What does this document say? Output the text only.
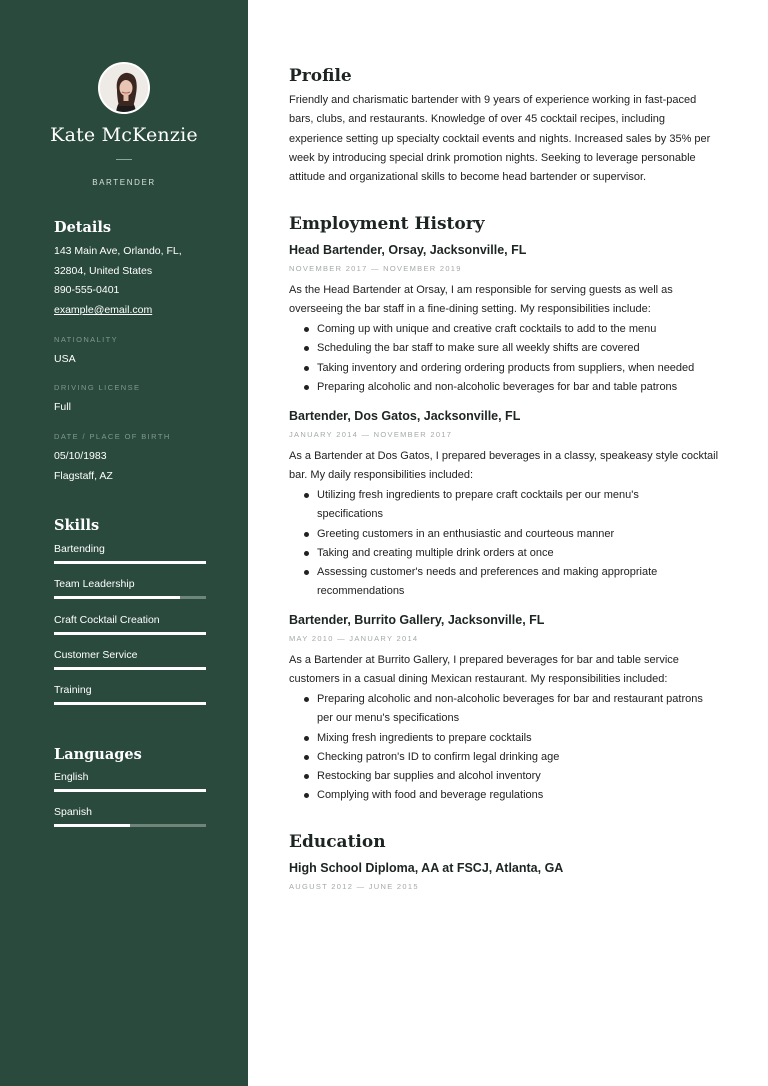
Kate McKenzie
BARTENDER
Details
143 Main Ave, Orlando, FL,
32804, United States
890-555-0401
example@email.com
NATIONALITY
USA
DRIVING LICENSE
Full
DATE / PLACE OF BIRTH
05/10/1983
Flagstaff, AZ
Skills
Bartending
Team Leadership
Craft Cocktail Creation
Customer Service
Training
Languages
English
Spanish
Profile
Friendly and charismatic bartender with 9 years of experience working in fast-paced
bars, clubs, and restaurants. Knowledge of over 45 cocktail recipes, including
experience setting up specialty cocktail events and nights. Increased sales by 35% per
week by introducing special drink promotion nights. Seeking to leverage personable
attitude and organizational skills to become head bartender or supervisor.
Employment History
Head Bartender, Orsay, Jacksonville, FL
NOVEMBER 2017 — NOVEMBER 2019
As the Head Bartender at Orsay, I am responsible for serving guests as well as
overseeing the bar staff in a fine-dining setting. My responsibilities include:
Coming up with unique and creative craft cocktails to add to the menu
Scheduling the bar staff to make sure all weekly shifts are covered
Taking inventory and ordering ordering products from suppliers, when needed
Preparing alcoholic and non-alcoholic beverages for bar and table patrons
Bartender, Dos Gatos, Jacksonville, FL
JANUARY 2014 — NOVEMBER 2017
As a Bartender at Dos Gatos, I prepared beverages in a classy, speakeasy style cocktail
bar. My daily responsibilities included:
Utilizing fresh ingredients to prepare craft cocktails per our menu's
specifications
Greeting customers in an enthusiastic and courteous manner
Taking and creating multiple drink orders at once
Assessing customer's needs and preferences and making appropriate
recommendations
Bartender, Burrito Gallery, Jacksonville, FL
MAY 2010 — JANUARY 2014
As a Bartender at Burrito Gallery, I prepared beverages for bar and table service
customers in a casual dining Mexican restaurant. My responsibilities included:
Preparing alcoholic and non-alcoholic beverages for bar and restaurant patrons
per our menu's specifications
Mixing fresh ingredients to prepare cocktails
Checking patron's ID to confirm legal drinking age
Restocking bar supplies and alcohol inventory
Complying with food and beverage regulations
Education
High School Diploma, AA at FSCJ, Atlanta, GA
AUGUST 2012 — JUNE 2015
